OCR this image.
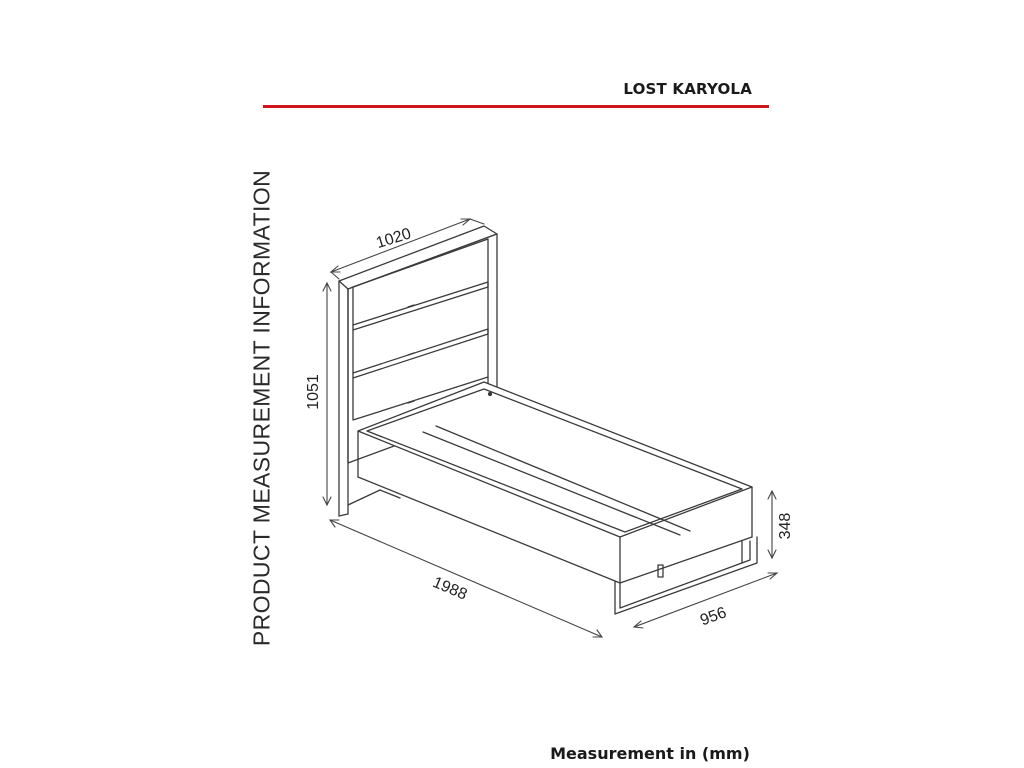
LOST KARYOLA
PRODUCT MEASUREMENT INFORMATION	1020
1051
1988
956
348
Measurement in (mm)
